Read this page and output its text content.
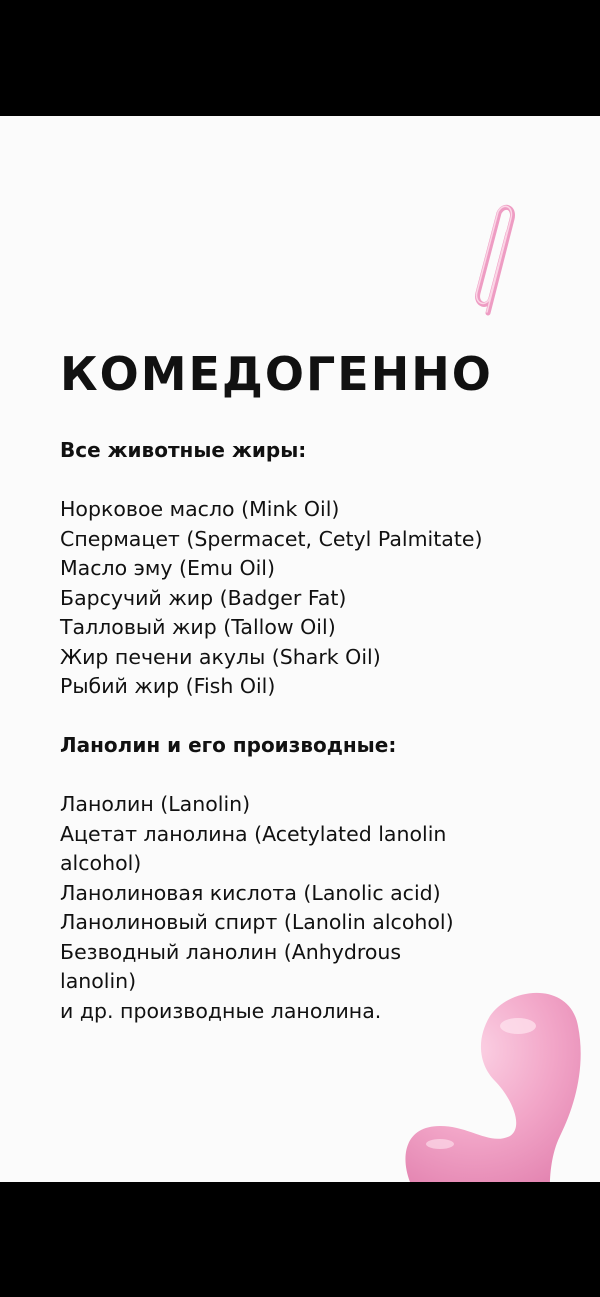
КОМЕДОГЕННО

Все животные жиры:

Норковое масло (Mink Oil)
Спермацет (Spermacet, Cetyl Palmitate)
Масло эму (Emu Oil)
Барсучий жир (Badger Fat)
Талловый жир (Tallow Oil)
Жир печени акулы (Shark Oil)
Рыбий жир (Fish Oil)

Ланолин и его производные:

Ланолин (Lanolin)
Ацетат ланолина (Acetylated lanolin alcohol)
Ланолиновая кислота (Lanolic acid)
Ланолиновый спирт (Lanolin alcohol)
Безводный ланолин (Anhydrous lanolin)
и др. производные ланолина.
